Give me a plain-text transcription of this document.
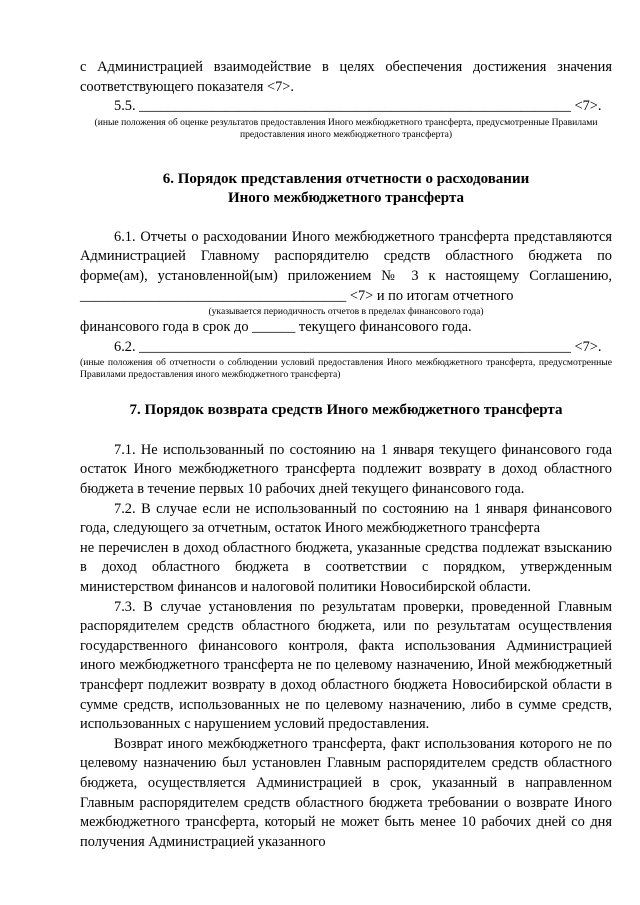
с Администрацией взаимодействие в целях обеспечения достижения значения соответствующего показателя <7>.

5.5. ____________________________________________________________ <7>.

(иные положения об оценке результатов предоставления Иного межбюджетного трансферта, предусмотренные Правилами предоставления иного межбюджетного трансферта)

6. Порядок представления отчетности о расходовании

Иного межбюджетного трансферта

6.1. Отчеты о расходовании Иного межбюджетного трансферта представляются Администрацией Главному распорядителю средств областного бюджета по форме(ам), установленной(ым) приложением № 3 к настоящему Соглашению, _____________________________________ <7> и по итогам отчетного

(указывается периодичность отчетов в пределах финансового года)

финансового года в срок до ______ текущего финансового года.

6.2. ____________________________________________________________ <7>.

(иные положения об отчетности о соблюдении условий предоставления Иного межбюджетного трансферта, предусмотренные Правилами предоставления иного межбюджетного трансферта)

7. Порядок возврата средств Иного межбюджетного трансферта

7.1. Не использованный по состоянию на 1 января текущего финансового года остаток Иного межбюджетного трансферта подлежит возврату в доход областного бюджета в течение первых 10 рабочих дней текущего финансового года.

7.2. В случае если не использованный по состоянию на 1 января финансового года, следующего за отчетным, остаток Иного межбюджетного трансферта

не перечислен в доход областного бюджета, указанные средства подлежат взысканию в доход областного бюджета в соответствии с порядком, утвержденным министерством финансов и налоговой политики Новосибирской области.

7.3. В случае установления по результатам проверки, проведенной Главным распорядителем средств областного бюджета, или по результатам осуществления государственного финансового контроля, факта использования Администрацией иного межбюджетного трансферта не по целевому назначению, Иной межбюджетный трансферт подлежит возврату в доход областного бюджета Новосибирской области в сумме средств, использованных не по целевому назначению, либо в сумме средств, использованных с нарушением условий предоставления.

Возврат иного межбюджетного трансферта, факт использования которого не по целевому назначению был установлен Главным распорядителем средств областного бюджета, осуществляется Администрацией в срок, указанный в направленном Главным распорядителем средств областного бюджета требовании о возврате Иного межбюджетного трансферта, который не может быть менее 10 рабочих дней со дня получения Администрацией указанного
